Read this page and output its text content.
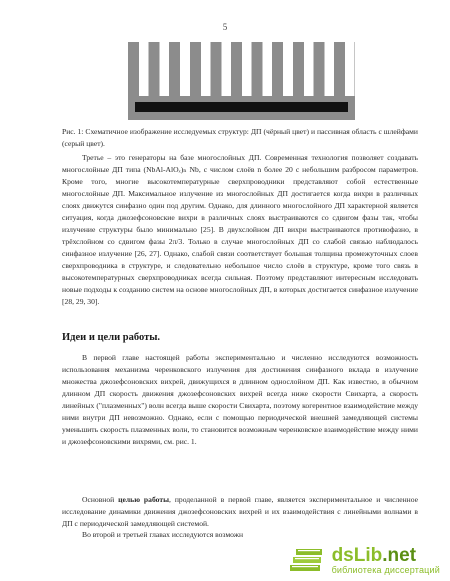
5
Рис. 1: Схематичное изображение исследуемых структур: ДП (чёрный цвет) и пассивная область с шлейфами (серый цвет).
Третье – это генераторы на базе многослойных ДП. Современная технология позволяет создавать многослойные ДП типа (NbAl-AlOₓ)ₙ Nb, с числом слоёв n более 20 с небольшим разбросом параметров. Кроме того, многие высокотемпературные сверхпроводники представляют собой естественные многослойные ДП. Максимальное излучение из многослойных ДП достигается когда вихри в различных слоях движутся синфазно один под другим. Однако, для длинного многослойного ДП характерной является ситуация, когда джозефсоновские вихри в различных слоях выстраиваются со сдвигом фазы так, чтобы излучение структуры было минимально [25]. В двухслойном ДП вихри выстраиваются противофазно, в трёхслойном со сдвигом фазы 2π/3. Только в случае многослойных ДП со слабой связью наблюдалось синфазное излучение [26, 27]. Однако, слабой связи соответствует большая толщина промежуточных слоев сверхпроводника в структуре, и следовательно небольшое число слоёв в структуре, кроме того связь в высокотемпературных сверхпроводниках всегда сильная. Поэтому представляют интересным исследовать новые подходы к созданию систем на основе многослойных ДП, в которых достигается синфазное излучение [28, 29, 30].
Идеи и цели работы.
В первой главе настоящей работы экспериментально и численно исследуются возможность использования механизма черенковского излучения для достижения синфазного вклада в излучение множества джозефсоновских вихрей, движущихся в длинном однослойном ДП. Как известно, в обычном длинном ДП скорость движения джозефсоновских вихрей всегда ниже скорости Свихарта, а скорость линейных ("плазменных") волн всегда выше скорости Свихарта, поэтому когерентное взаимодействие между ними внутри ДП невозможно. Однако, если с помощью периодической внешней замедляющей системы уменьшить скорость плазменных волн, то становится возможным черенковское взаимодействие между ними и джозефсоновскими вихрями, см. рис. 1.
Основной целью работы, проделанной в первой главе, является экспериментальное и численное исследование динамики движения джозефсоновских вихрей и их взаимодействия с линейными волнами в ДП с периодической замедляющей системой.
Во второй и третьей главах исследуются возможн
dsLib.net
библиотека диссертаций
